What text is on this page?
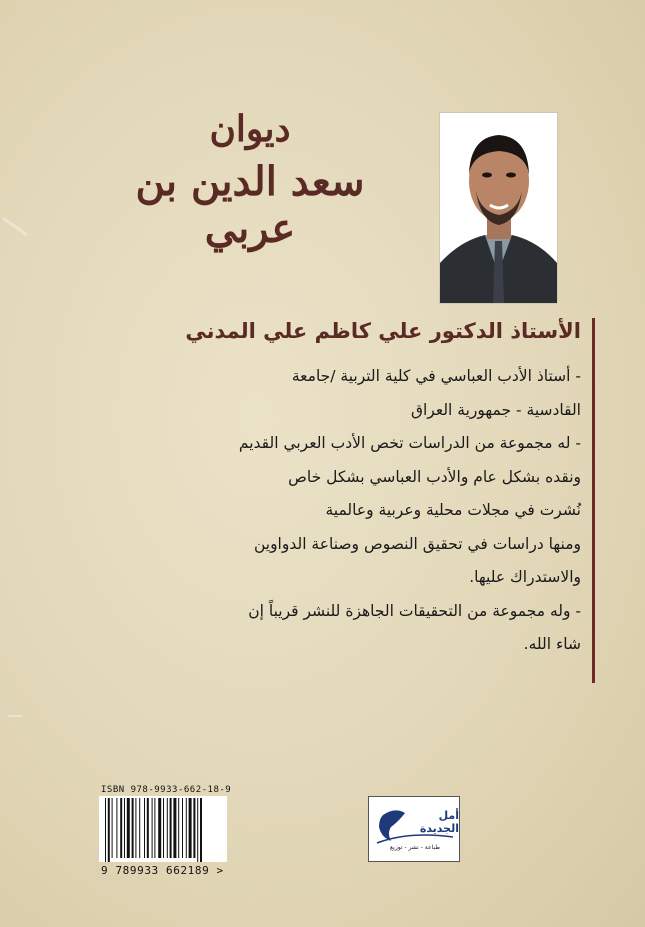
ديوان
سعد الدين بن عربي
الأستاذ الدكتور علي كاظم علي المدني
- أستاذ الأدب العباسي في كلية التربية /جامعة
القادسية - جمهورية العراق
- له مجموعة من الدراسات تخص الأدب العربي القديم
ونقده بشكل عام والأدب العباسي بشكل خاص
نُشرت في مجلات محلية وعربية وعالمية
ومنها دراسات في تحقيق النصوص وصناعة الدواوين
والاستدراك عليها.
- وله مجموعة من التحقيقات الجاهزة للنشر قريباً إن
شاء الله.
ISBN 978-9933-662-18-9
9 789933 662189 >
أمل الجديدة
طباعة - نشر - توزيع
